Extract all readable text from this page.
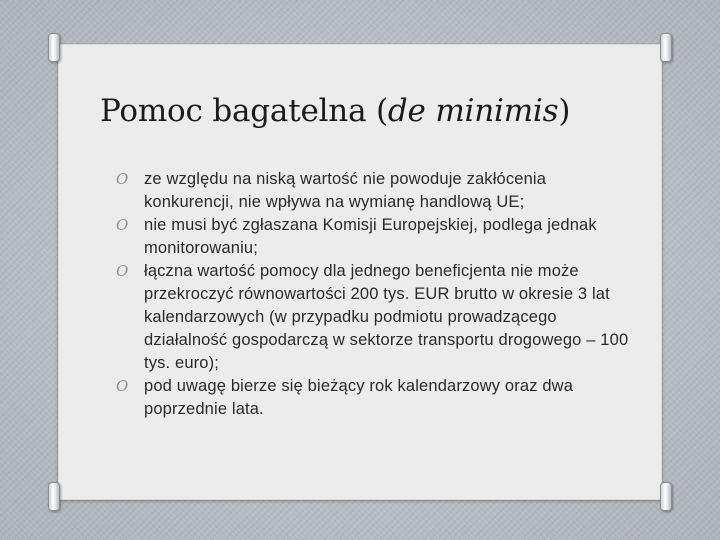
Pomoc bagatelna (de minimis)
O ze względu na niską wartość nie powoduje zakłócenia konkurencji, nie wpływa na wymianę handlową UE;
O nie musi być zgłaszana Komisji Europejskiej, podlega jednak monitorowaniu;
O łączna wartość pomocy dla jednego beneficjenta nie może przekroczyć równowartości 200 tys. EUR brutto w okresie 3 lat kalendarzowych (w przypadku podmiotu prowadzącego działalność gospodarczą w sektorze transportu drogowego – 100 tys. euro);
O pod uwagę bierze się bieżący rok kalendarzowy oraz dwa poprzednie lata.
